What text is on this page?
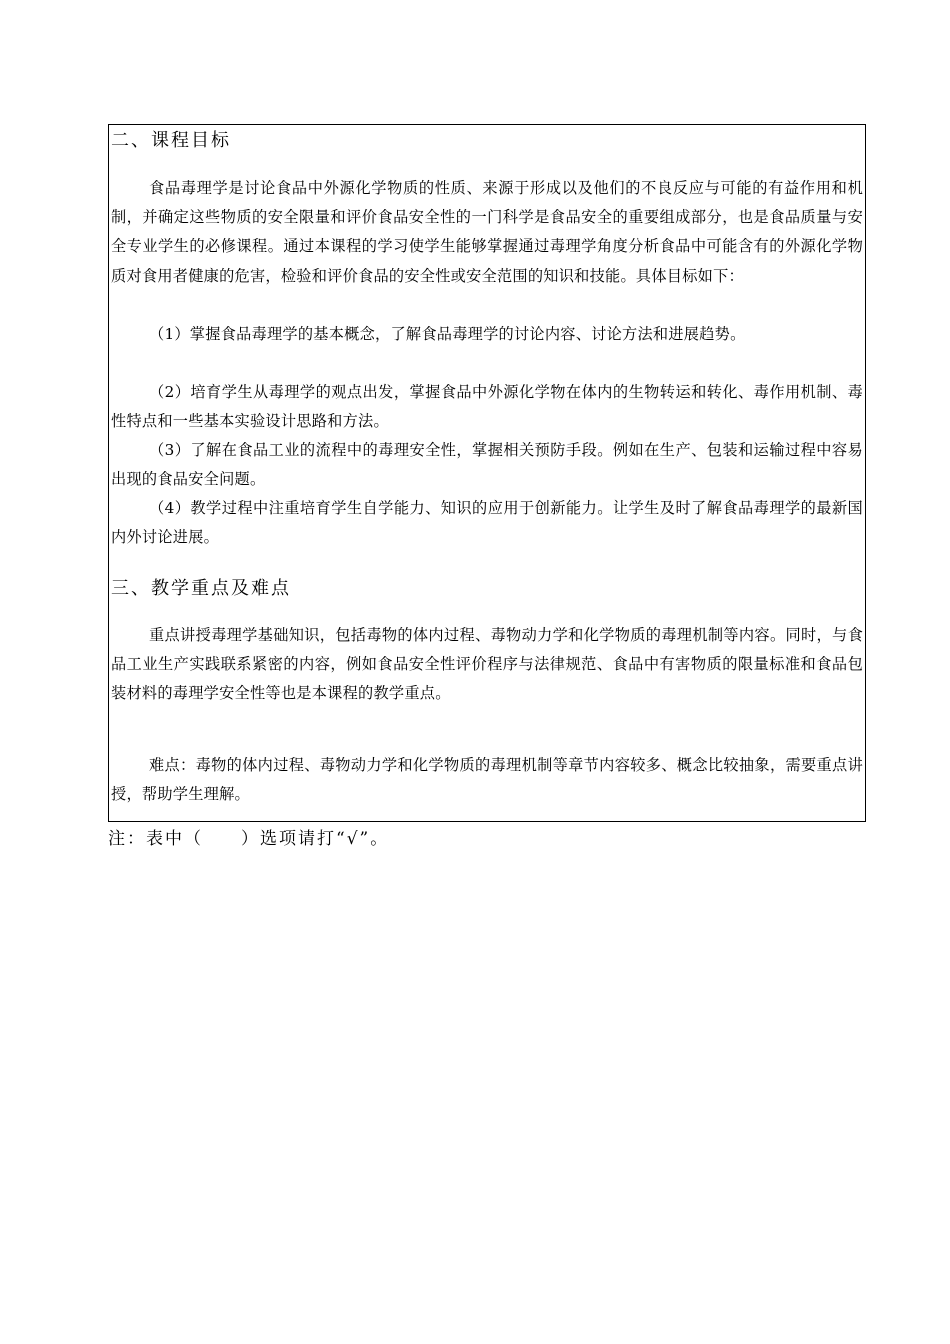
二、课程目标

食品毒理学是讨论食品中外源化学物质的性质、来源于形成以及他们的不良反应与可能的有益作用和机制，并确定这些物质的安全限量和评价食品安全性的一门科学是食品安全的重要组成部分，也是食品质量与安全专业学生的必修课程。通过本课程的学习使学生能够掌握通过毒理学角度分析食品中可能含有的外源化学物质对食用者健康的危害，检验和评价食品的安全性或安全范围的知识和技能。具体目标如下：

（1）掌握食品毒理学的基本概念，了解食品毒理学的讨论内容、讨论方法和进展趋势。

（2）培育学生从毒理学的观点出发，掌握食品中外源化学物在体内的生物转运和转化、毒作用机制、毒性特点和一些基本实验设计思路和方法。

（3）了解在食品工业的流程中的毒理安全性，掌握相关预防手段。例如在生产、包装和运输过程中容易出现的食品安全问题。

（4）教学过程中注重培育学生自学能力、知识的应用于创新能力。让学生及时了解食品毒理学的最新国内外讨论进展。

三、教学重点及难点

重点讲授毒理学基础知识，包括毒物的体内过程、毒物动力学和化学物质的毒理机制等内容。同时，与食品工业生产实践联系紧密的内容，例如食品安全性评价程序与法律规范、食品中有害物质的限量标准和食品包装材料的毒理学安全性等也是本课程的教学重点。

难点：毒物的体内过程、毒物动力学和化学物质的毒理机制等章节内容较多、概念比较抽象，需要重点讲授，帮助学生理解。

注：表中（　　）选项请打“√”。
